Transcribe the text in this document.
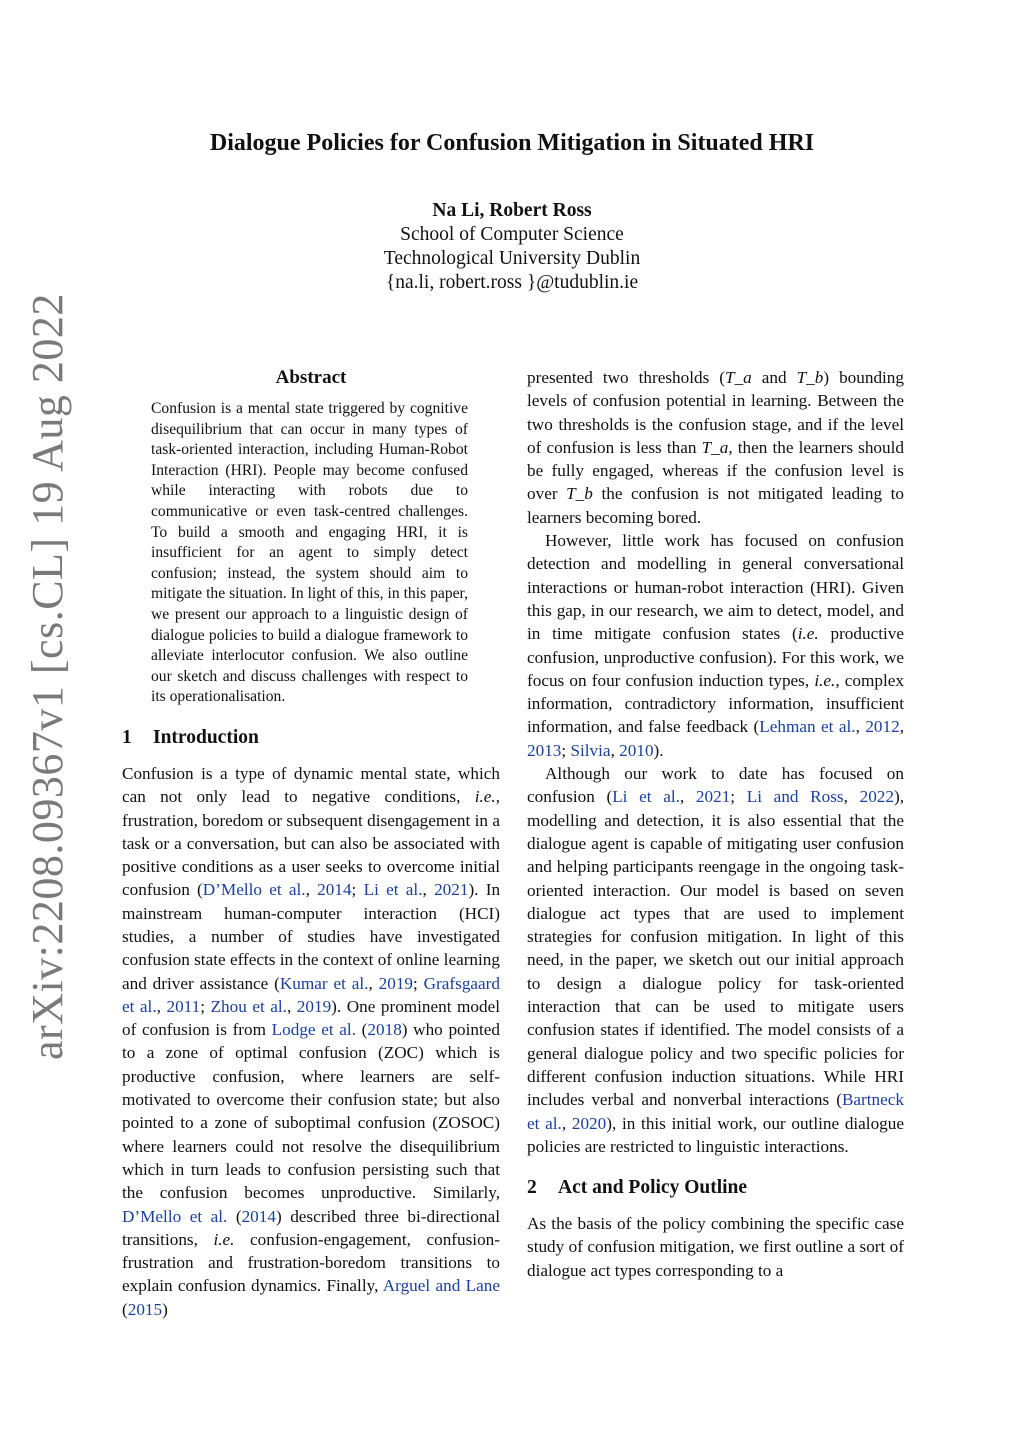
arXiv:2208.09367v1 [cs.CL] 19 Aug 2022
Dialogue Policies for Confusion Mitigation in Situated HRI
Na Li, Robert Ross
School of Computer Science
Technological University Dublin
{na.li, robert.ross }@tudublin.ie
Abstract

Confusion is a mental state triggered by cognitive disequilibrium that can occur in many types of task-oriented interaction, including Human-Robot Interaction (HRI). People may become confused while interacting with robots due to communicative or even task-centred challenges. To build a smooth and engaging HRI, it is insufficient for an agent to simply detect confusion; instead, the system should aim to mitigate the situation. In light of this, in this paper, we present our approach to a linguistic design of dialogue policies to build a dialogue framework to alleviate interlocutor confusion. We also outline our sketch and discuss challenges with respect to its operationalisation.

1 Introduction

Confusion is a type of dynamic mental state, which can not only lead to negative conditions, i.e., frustration, boredom or subsequent disengagement in a task or a conversation, but can also be associated with positive conditions as a user seeks to overcome initial confusion (D’Mello et al., 2014; Li et al., 2021). In mainstream human-computer interaction (HCI) studies, a number of studies have investigated confusion state effects in the context of online learning and driver assistance (Kumar et al., 2019; Grafsgaard et al., 2011; Zhou et al., 2019). One prominent model of confusion is from Lodge et al. (2018) who pointed to a zone of optimal confusion (ZOC) which is productive confusion, where learners are self-motivated to overcome their confusion state; but also pointed to a zone of suboptimal confusion (ZOSOC) where learners could not resolve the disequilibrium which in turn leads to confusion persisting such that the confusion becomes unproductive. Similarly, D’Mello et al. (2014) described three bi-directional transitions, i.e. confusion-engagement, confusion-frustration and frustration-boredom transitions to explain confusion dynamics. Finally, Arguel and Lane (2015)

presented two thresholds (T_a and T_b) bounding levels of confusion potential in learning. Between the two thresholds is the confusion stage, and if the level of confusion is less than T_a, then the learners should be fully engaged, whereas if the confusion level is over T_b the confusion is not mitigated leading to learners becoming bored.

However, little work has focused on confusion detection and modelling in general conversational interactions or human-robot interaction (HRI). Given this gap, in our research, we aim to detect, model, and in time mitigate confusion states (i.e. productive confusion, unproductive confusion). For this work, we focus on four confusion induction types, i.e., complex information, contradictory information, insufficient information, and false feedback (Lehman et al., 2012, 2013; Silvia, 2010).

Although our work to date has focused on confusion (Li et al., 2021; Li and Ross, 2022), modelling and detection, it is also essential that the dialogue agent is capable of mitigating user confusion and helping participants reengage in the ongoing task-oriented interaction. Our model is based on seven dialogue act types that are used to implement strategies for confusion mitigation. In light of this need, in the paper, we sketch out our initial approach to design a dialogue policy for task-oriented interaction that can be used to mitigate users confusion states if identified. The model consists of a general dialogue policy and two specific policies for different confusion induction situations. While HRI includes verbal and nonverbal interactions (Bartneck et al., 2020), in this initial work, our outline dialogue policies are restricted to linguistic interactions.

2 Act and Policy Outline

As the basis of the policy combining the specific case study of confusion mitigation, we first outline a sort of dialogue act types corresponding to a
